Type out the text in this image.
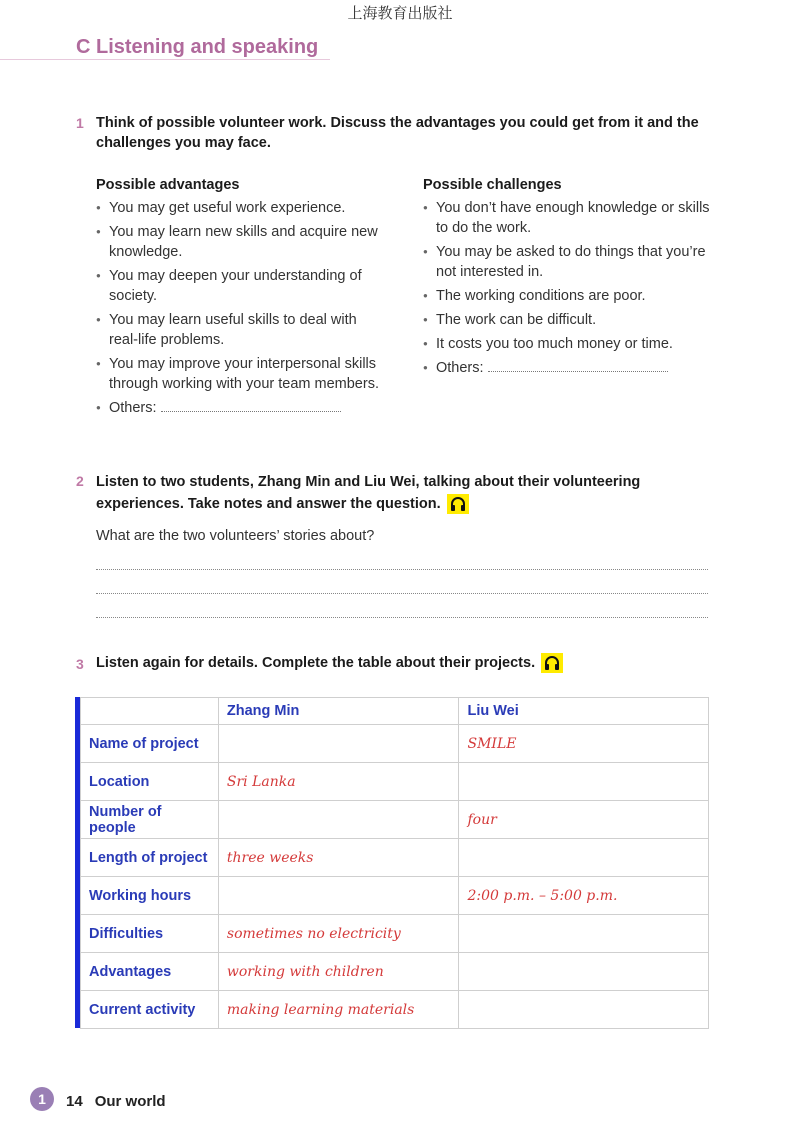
上海教育出版社
C Listening and speaking
1 Think of possible volunteer work. Discuss the advantages you could get from it and the challenges you may face.
Possible advantages
● You may get useful work experience.
● You may learn new skills and acquire new knowledge.
● You may deepen your understanding of society.
● You may learn useful skills to deal with real-life problems.
● You may improve your interpersonal skills through working with your team members.
● Others:
Possible challenges
● You don’t have enough knowledge or skills to do the work.
● You may be asked to do things that you’re not interested in.
● The working conditions are poor.
● The work can be difficult.
● It costs you too much money or time.
● Others:
2 Listen to two students, Zhang Min and Liu Wei, talking about their volunteering experiences. Take notes and answer the question.
What are the two volunteers’ stories about?
3 Listen again for details. Complete the table about their projects.
	Zhang Min	Liu Wei
Name of project		SMILE
Location	Sri Lanka	
Number of people		four
Length of project	three weeks	
Working hours		2:00 p.m. – 5:00 p.m.
Difficulties	sometimes no electricity	
Advantages	working with children	
Current activity	making learning materials	
1	14 Our world
